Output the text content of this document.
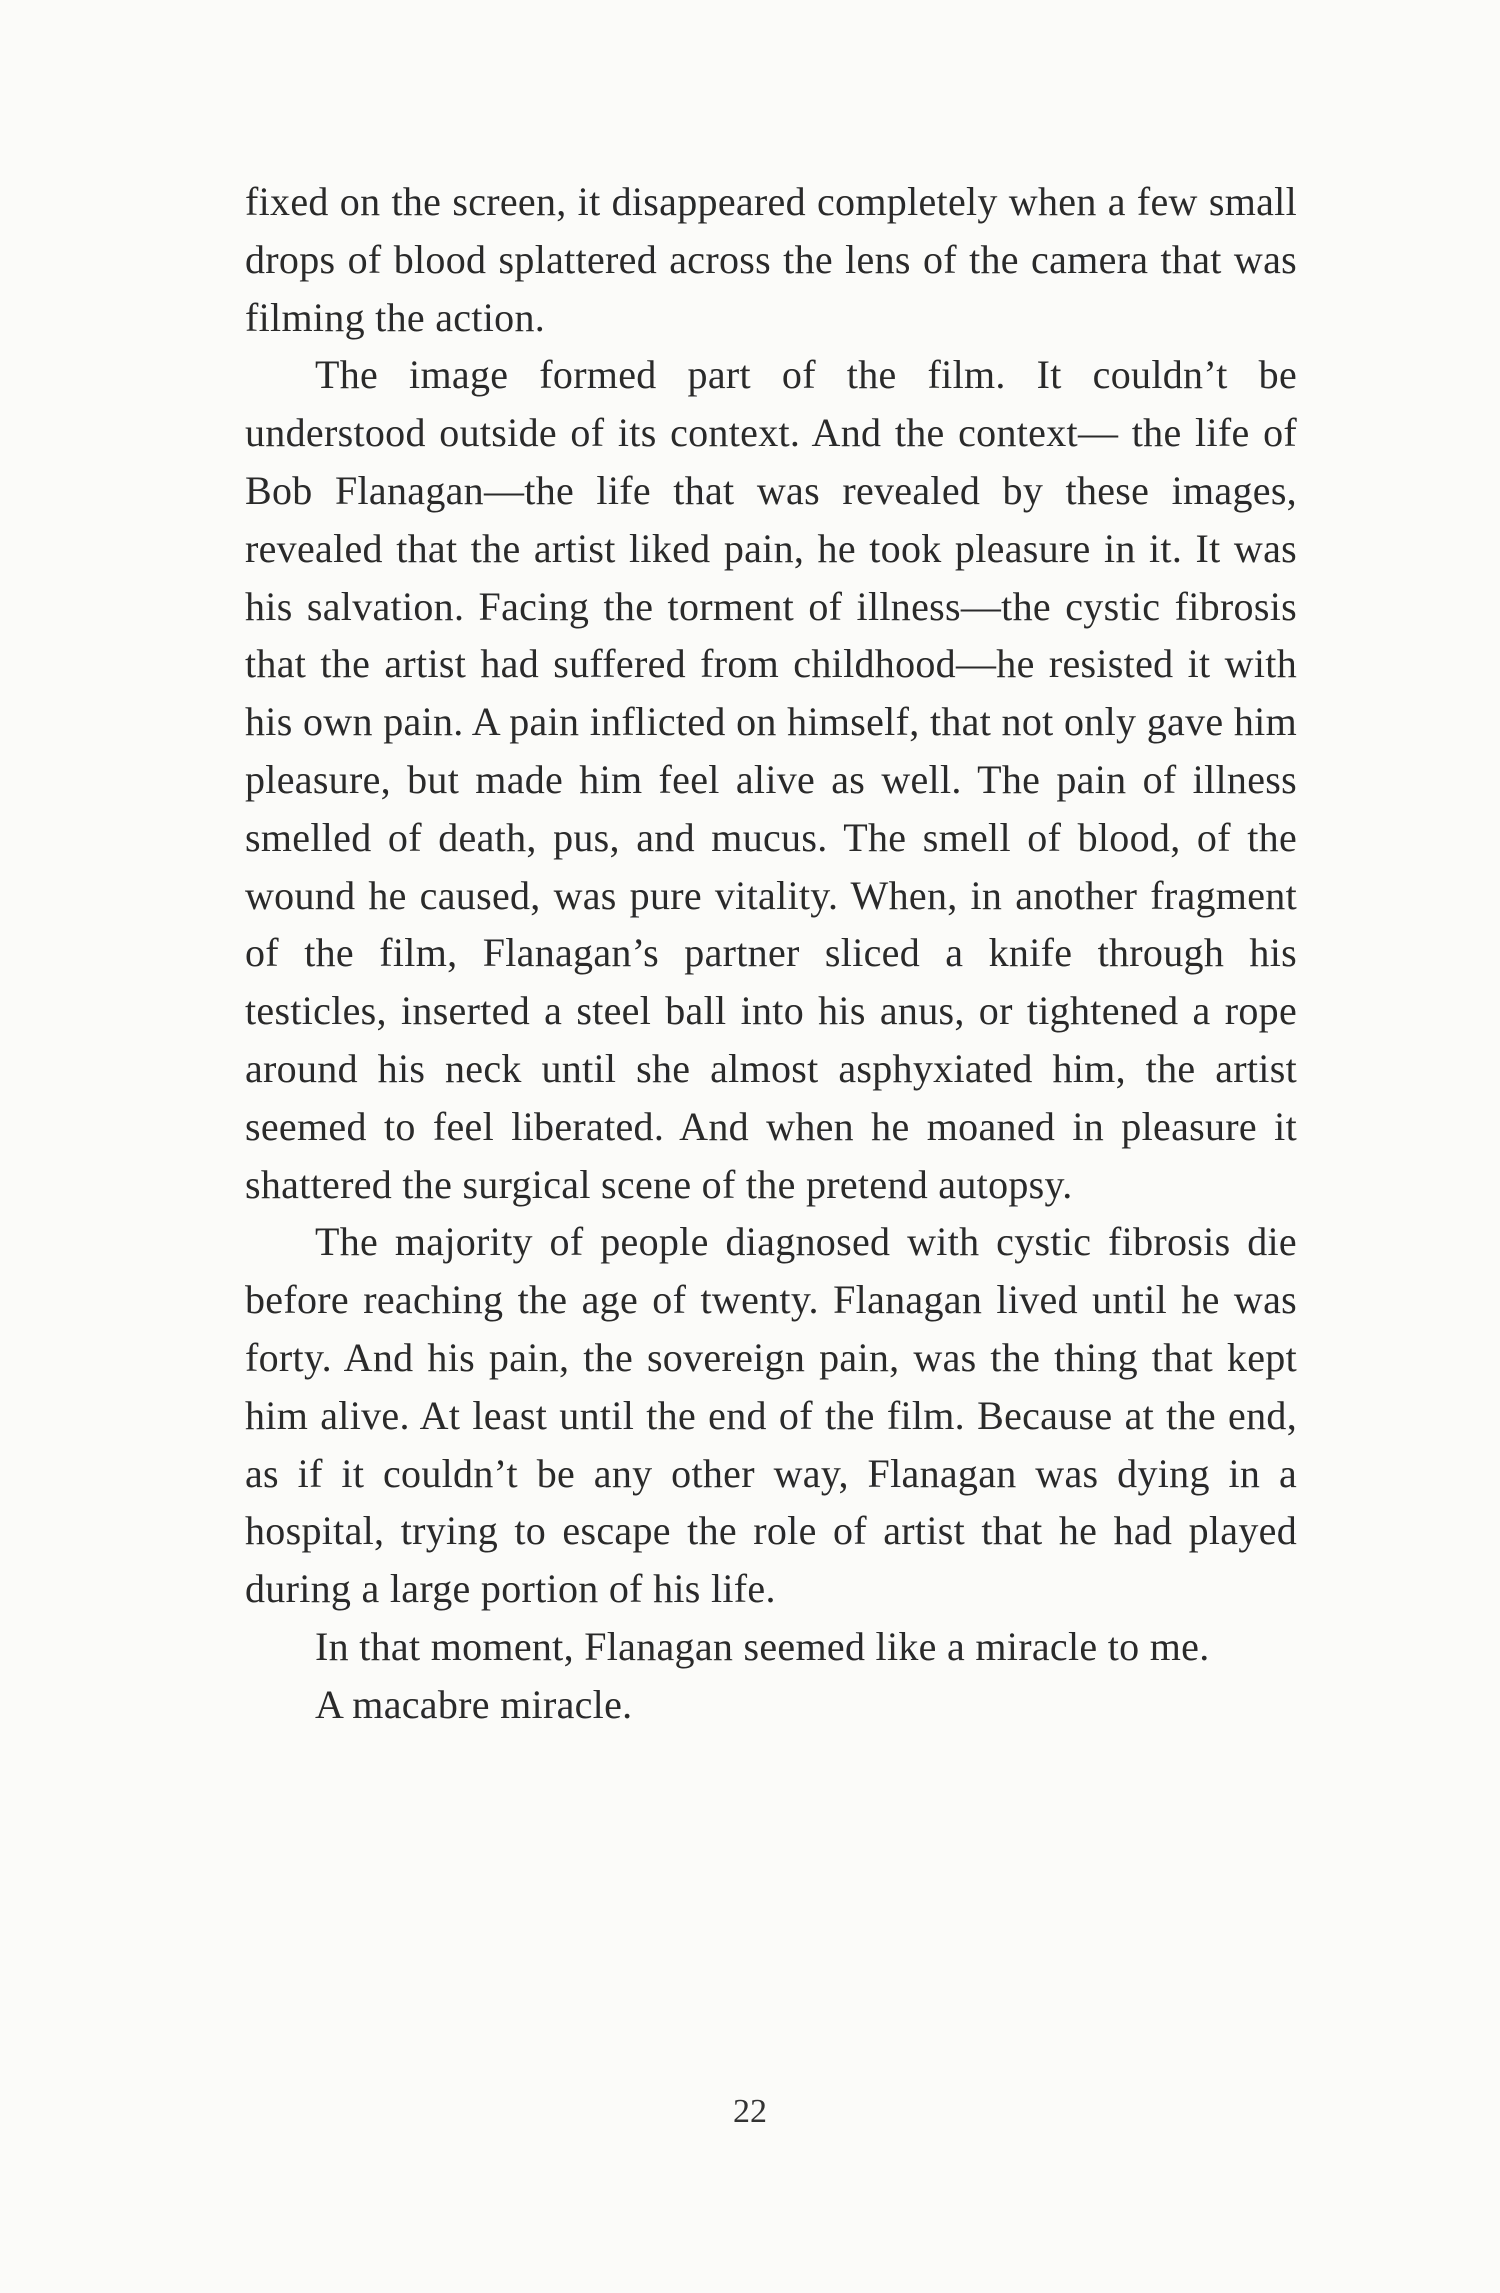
fixed on the screen, it disappeared completely when a few small drops of blood splattered across the lens of the camera that was filming the action.

The image formed part of the film. It couldn’t be understood outside of its context. And the context— the life of Bob Flanagan—the life that was revealed by these images, revealed that the artist liked pain, he took pleasure in it. It was his salvation. Facing the torment of illness—the cystic fibrosis that the artist had suffered from childhood—he resisted it with his own pain. A pain inflicted on himself, that not only gave him pleasure, but made him feel alive as well. The pain of illness smelled of death, pus, and mucus. The smell of blood, of the wound he caused, was pure vitality. When, in another fragment of the film, Flanagan’s partner sliced a knife through his testicles, inserted a steel ball into his anus, or tightened a rope around his neck until she almost asphyxiated him, the artist seemed to feel liberated. And when he moaned in pleasure it shattered the surgical scene of the pretend autopsy.

The majority of people diagnosed with cystic fibrosis die before reaching the age of twenty. Flanagan lived until he was forty. And his pain, the sovereign pain, was the thing that kept him alive. At least until the end of the film. Because at the end, as if it couldn’t be any other way, Flanagan was dying in a hospital, trying to escape the role of artist that he had played during a large portion of his life.

In that moment, Flanagan seemed like a miracle to me.

A macabre miracle.

22
